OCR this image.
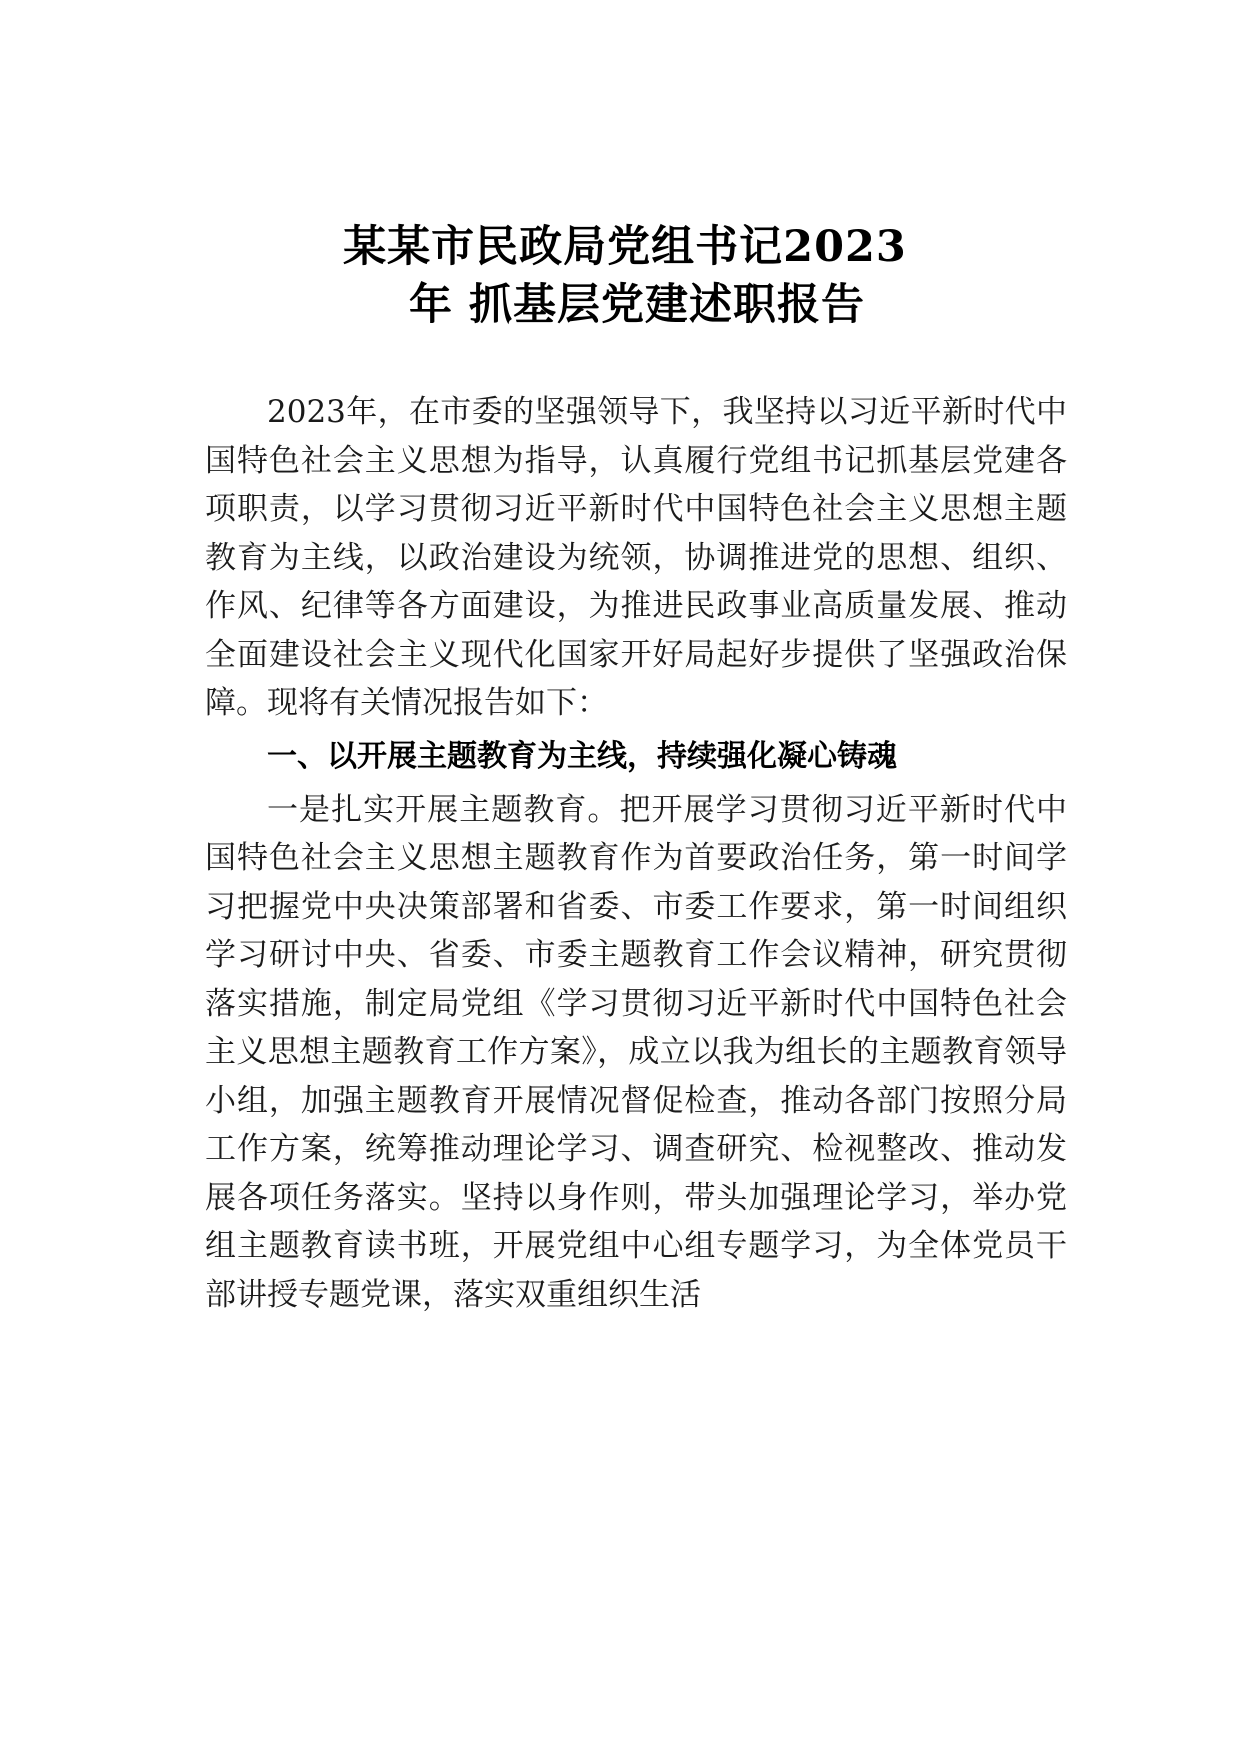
某某市民政局党组书记2023
年 抓基层党建述职报告

2023年，在市委的坚强领导下，我坚持以习近平新时代中国特色社会主义思想为指导，认真履行党组书记抓基层党建各项职责，以学习贯彻习近平新时代中国特色社会主义思想主题教育为主线，以政治建设为统领，协调推进党的思想、组织、作风、纪律等各方面建设，为推进民政事业高质量发展、推动全面建设社会主义现代化国家开好局起好步提供了坚强政治保障。现将有关情况报告如下：

一、以开展主题教育为主线，持续强化凝心铸魂

一是扎实开展主题教育。把开展学习贯彻习近平新时代中国特色社会主义思想主题教育作为首要政治任务，第一时间学习把握党中央决策部署和省委、市委工作要求，第一时间组织学习研讨中央、省委、市委主题教育工作会议精神，研究贯彻落实措施，制定局党组《学习贯彻习近平新时代中国特色社会主义思想主题教育工作方案》，成立以我为组长的主题教育领导小组，加强主题教育开展情况督促检查，推动各部门按照分局工作方案，统筹推动理论学习、调查研究、检视整改、推动发展各项任务落实。坚持以身作则，带头加强理论学习，举办党组主题教育读书班，开展党组中心组专题学习，为全体党员干部讲授专题党课，落实双重组织生活
